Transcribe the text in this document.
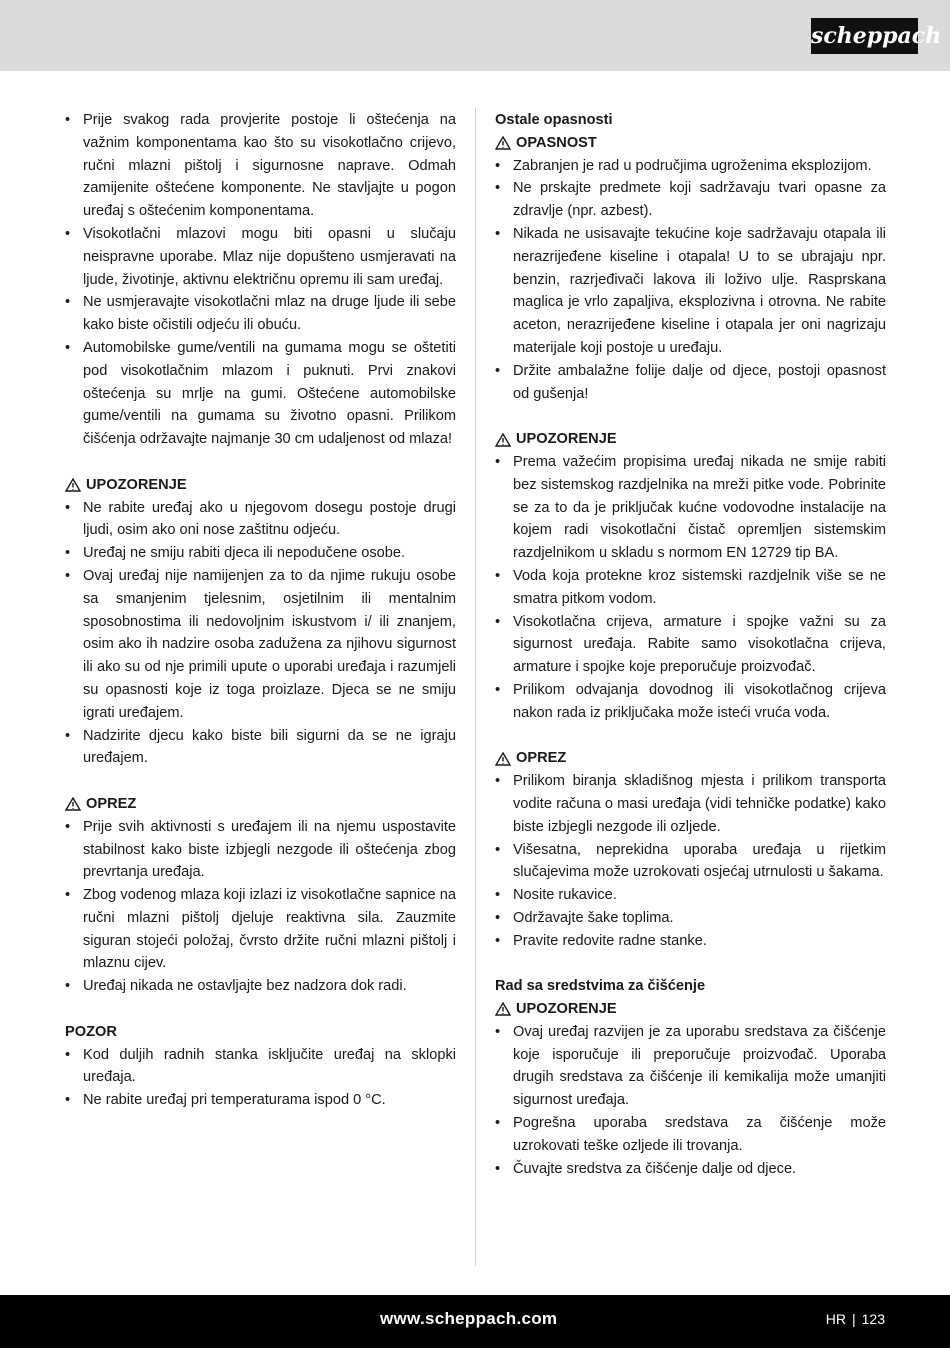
scheppach
• Prije svakog rada provjerite postoje li oštećenja na važnim komponentama kao što su visokotlačno crijevo, ručni mlazni pištolj i sigurnosne naprave. Odmah zamijenite oštećene komponente. Ne stavljajte u pogon uređaj s oštećenim komponentama.
• Visokotlačni mlazovi mogu biti opasni u slučaju neispravne uporabe. Mlaz nije dopušteno usmjeravati na ljude, životinje, aktivnu električnu opremu ili sam uređaj.
• Ne usmjeravajte visokotlačni mlaz na druge ljude ili sebe kako biste očistili odjeću ili obuću.
• Automobilske gume/ventili na gumama mogu se oštetiti pod visokotlačnim mlazom i puknuti. Prvi znakovi oštećenja su mrlje na gumi. Oštećene automobilske gume/ventili na gumama su životno opasni. Prilikom čišćenja održavajte najmanje 30 cm udaljenost od mlaza!
UPOZORENJE
• Ne rabite uređaj ako u njegovom dosegu postoje drugi ljudi, osim ako oni nose zaštitnu odjeću.
• Uređaj ne smiju rabiti djeca ili nepodučene osobe.
• Ovaj uređaj nije namijenjen za to da njime rukuju osobe sa smanjenim tjelesnim, osjetilnim ili mentalnim sposobnostima ili nedovoljnim iskustvom i/ ili znanjem, osim ako ih nadzire osoba zadužena za njihovu sigurnost ili ako su od nje primili upute o uporabi uređaja i razumjeli su opasnosti koje iz toga proizlaze. Djeca se ne smiju igrati uređajem.
• Nadzirite djecu kako biste bili sigurni da se ne igraju uređajem.
OPREZ
• Prije svih aktivnosti s uređajem ili na njemu uspostavite stabilnost kako biste izbjegli nezgode ili oštećenja zbog prevrtanja uređaja.
• Zbog vodenog mlaza koji izlazi iz visokotlačne sapnice na ručni mlazni pištolj djeluje reaktivna sila. Zauzmite siguran stojeći položaj, čvrsto držite ručni mlazni pištolj i mlaznu cijev.
• Uređaj nikada ne ostavljajte bez nadzora dok radi.
POZOR
• Kod duljih radnih stanka isključite uređaj na sklopki uređaja.
• Ne rabite uređaj pri temperaturama ispod 0 °C.
Ostale opasnosti
OPASNOST
• Zabranjen je rad u područjima ugroženima eksplozijom.
• Ne prskajte predmete koji sadržavaju tvari opasne za zdravlje (npr. azbest).
• Nikada ne usisavajte tekućine koje sadržavaju otapala ili nerazrijeđene kiseline i otapala! U to se ubrajaju npr. benzin, razrjeđivači lakova ili loživo ulje. Rasprskana maglica je vrlo zapaljiva, eksplozivna i otrovna. Ne rabite aceton, nerazrijeđene kiseline i otapala jer oni nagrizaju materijale koji postoje u uređaju.
• Držite ambalažne folije dalje od djece, postoji opasnost od gušenja!
UPOZORENJE
• Prema važećim propisima uređaj nikada ne smije rabiti bez sistemskog razdjelnika na mreži pitke vode. Pobrinite se za to da je priključak kućne vodovodne instalacije na kojem radi visokotlačni čistač opremljen sistemskim razdjelnikom u skladu s normom EN 12729 tip BA.
• Voda koja protekne kroz sistemski razdjelnik više se ne smatra pitkom vodom.
• Visokotlačna crijeva, armature i spojke važni su za sigurnost uređaja. Rabite samo visokotlačna crijeva, armature i spojke koje preporučuje proizvođač.
• Prilikom odvajanja dovodnog ili visokotlačnog crijeva nakon rada iz priključaka može isteći vruća voda.
OPREZ
• Prilikom biranja skladišnog mjesta i prilikom transporta vodite računa o masi uređaja (vidi tehničke podatke) kako biste izbjegli nezgode ili ozljede.
• Višesatna, neprekidna uporaba uređaja u rijetkim slučajevima može uzrokovati osjećaj utrnulosti u šakama.
• Nosite rukavice.
• Održavajte šake toplima.
• Pravite redovite radne stanke.
Rad sa sredstvima za čišćenje
UPOZORENJE
• Ovaj uređaj razvijen je za uporabu sredstava za čišćenje koje isporučuje ili preporučuje proizvođač. Uporaba drugih sredstava za čišćenje ili kemikalija može umanjiti sigurnost uređaja.
• Pogrešna uporaba sredstava za čišćenje može uzrokovati teške ozljede ili trovanja.
• Čuvajte sredstva za čišćenje dalje od djece.
www.scheppach.com	HR | 123
